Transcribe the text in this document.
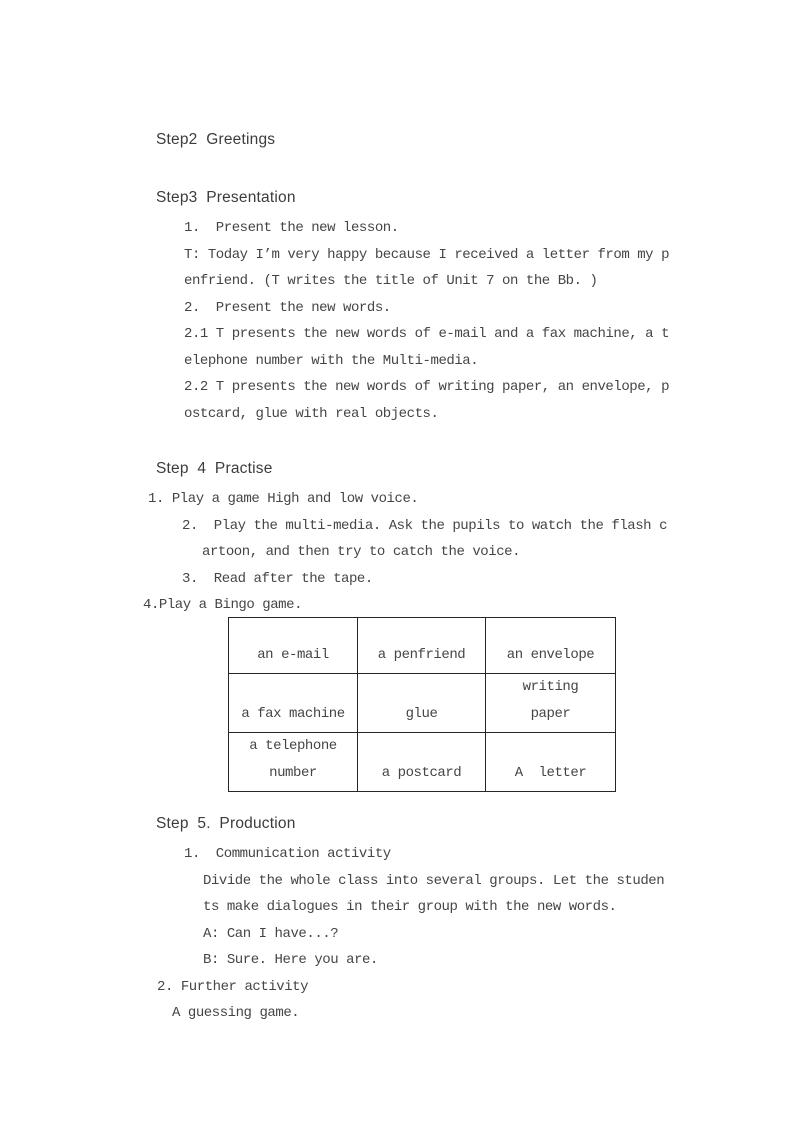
Step2 Greetings
Step3 Presentation
1.  Present the new lesson.
T: Today I’m very happy because I received a letter from my p
enfriend. (T writes the title of Unit 7 on the Bb. )
2.  Present the new words.
2.1 T presents the new words of e-mail and a fax machine, a t
elephone number with the Multi-media.
2.2 T presents the new words of writing paper, an envelope, p
ostcard, glue with real objects.
Step 4 Practise
1. Play a game High and low voice.
2.  Play the multi-media. Ask the pupils to watch the flash c
artoon, and then try to catch the voice.
3.  Read after the tape.
4.Play a Bingo game.
an e-mail	a penfriend	an envelope

a fax machine	glue	writing
paper

a telephone
number	a postcard	A  letter
Step 5. Production
1.  Communication activity
Divide the whole class into several groups. Let the studen
ts make dialogues in their group with the new words.
A: Can I have...?
B: Sure. Here you are.
2. Further activity
A guessing game.
